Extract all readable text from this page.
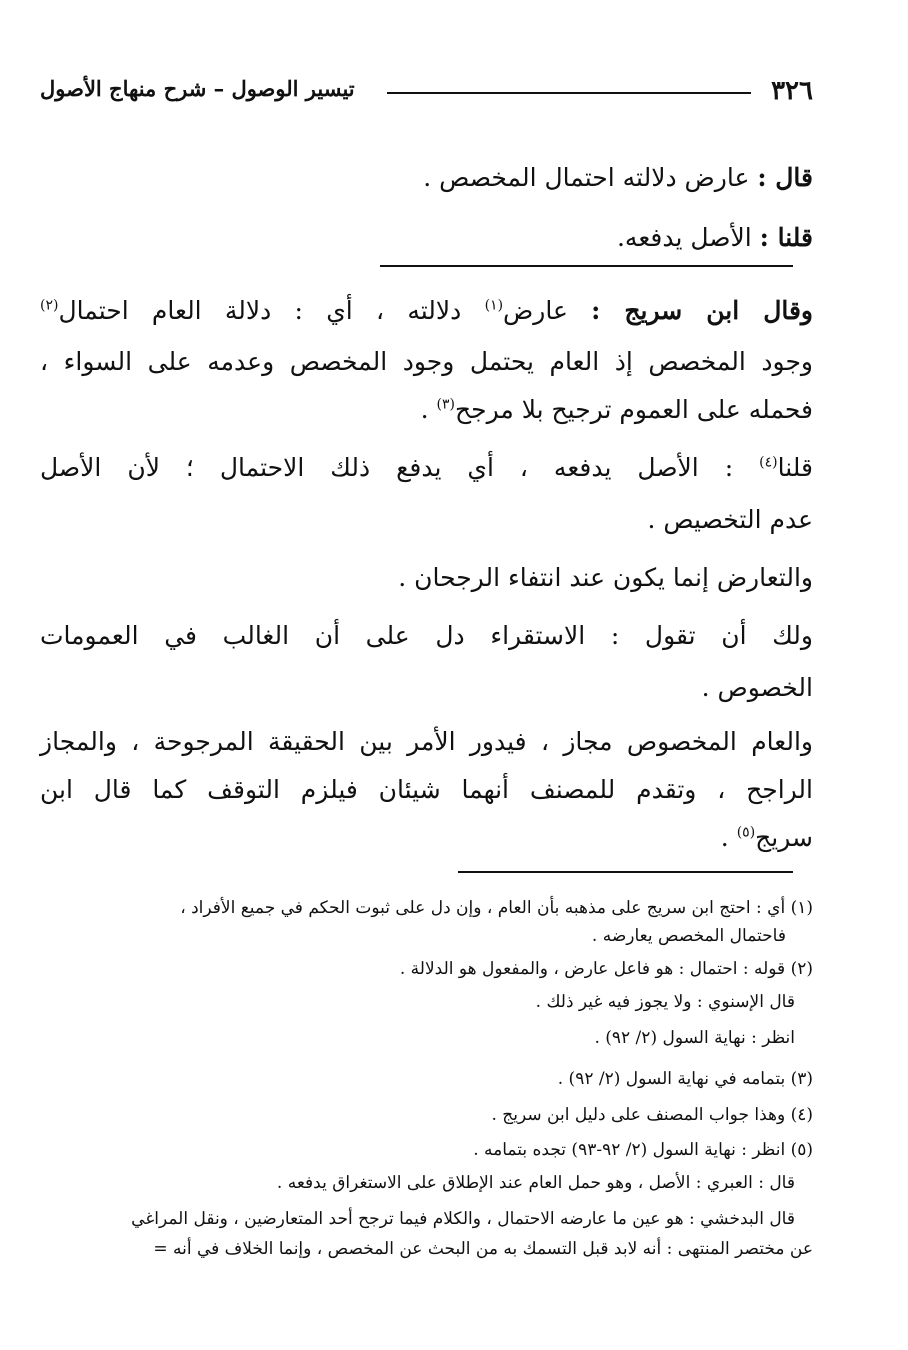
٣٢٦
تيسير الوصول – شرح منهاج الأصول
قال : عارض دلالته احتمال المخصص .
قلنا : الأصل يدفعه.
وقال ابن سريج : عارض$^{(١)}$ دلالته ، أي : دلالة العام احتمال$^{(٢)}$
وجود المخصص إذ العام يحتمل وجود المخصص وعدمه على السواء ،
فحمله على العموم ترجيح بلا مرجح$^{(٣)}$ .
قلنا$^{(٤)}$ : الأصل يدفعه ، أي يدفع ذلك الاحتمال ؛ لأن الأصل
عدم التخصيص .
والتعارض إنما يكون عند انتفاء الرجحان .
ولك أن تقول : الاستقراء دل على أن الغالب في العمومات
الخصوص .
والعام المخصوص مجاز ، فيدور الأمر بين الحقيقة المرجوحة ، والمجاز
الراجح ، وتقدم للمصنف أنهما شيئان فيلزم التوقف كما قال ابن
سريج$^{(٥)}$ .
(١) أي : احتج ابن سريج على مذهبه بأن العام ، وإن دل على ثبوت الحكم في جميع الأفراد ،
فاحتمال المخصص يعارضه .
(٢) قوله : احتمال : هو فاعل عارض ، والمفعول هو الدلالة .
قال الإسنوي : ولا يجوز فيه غير ذلك .
انظر : نهاية السول (٢/ ٩٢) .
(٣) بتمامه في نهاية السول (٢/ ٩٢) .
(٤) وهذا جواب المصنف على دليل ابن سريج .
(٥) انظر : نهاية السول (٢/ ٩٢-٩٣) تجده بتمامه .
قال : العبري : الأصل ، وهو حمل العام عند الإطلاق على الاستغراق يدفعه .
قال البدخشي : هو عين ما عارضه الاحتمال ، والكلام فيما ترجح أحد المتعارضين ، ونقل المراغي
عن مختصر المنتهى : أنه لابد قبل التسمك به من البحث عن المخصص ، وإنما الخلاف في أنه =
